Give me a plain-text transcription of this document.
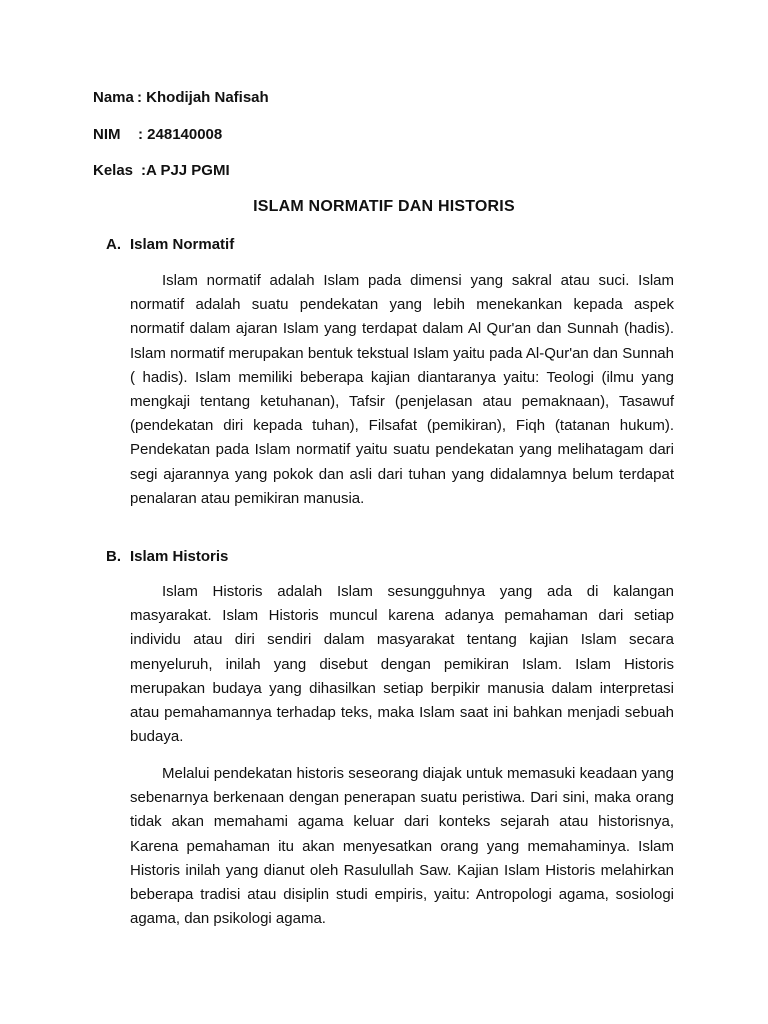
Nama : Khodijah Nafisah
NIM : 248140008
Kelas :A PJJ PGMI
ISLAM NORMATIF DAN HISTORIS
A. Islam Normatif

Islam normatif adalah Islam pada dimensi yang sakral atau suci. Islam normatif adalah suatu pendekatan yang lebih menekankan kepada aspek normatif dalam ajaran Islam yang terdapat dalam Al Qur'an dan Sunnah (hadis). Islam normatif merupakan bentuk tekstual Islam yaitu pada Al-Qur'an dan Sunnah ( hadis). Islam memiliki beberapa kajian diantaranya yaitu: Teologi (ilmu yang mengkaji tentang ketuhanan), Tafsir (penjelasan atau pemaknaan), Tasawuf (pendekatan diri kepada tuhan), Filsafat (pemikiran), Fiqh (tatanan hukum). Pendekatan pada Islam normatif yaitu suatu pendekatan yang melihatagam dari segi ajarannya yang pokok dan asli dari tuhan yang didalamnya belum terdapat penalaran atau pemikiran manusia.

B. Islam Historis

Islam Historis adalah Islam sesungguhnya yang ada di kalangan masyarakat. Islam Historis muncul karena adanya pemahaman dari setiap individu atau diri sendiri dalam masyarakat tentang kajian Islam secara menyeluruh, inilah yang disebut dengan pemikiran Islam. Islam Historis merupakan budaya yang dihasilkan setiap berpikir manusia dalam interpretasi atau pemahamannya terhadap teks, maka Islam saat ini bahkan menjadi sebuah budaya.

Melalui pendekatan historis seseorang diajak untuk memasuki keadaan yang sebenarnya berkenaan dengan penerapan suatu peristiwa. Dari sini, maka orang tidak akan memahami agama keluar dari konteks sejarah atau historisnya, Karena pemahaman itu akan menyesatkan orang yang memahaminya. Islam Historis inilah yang dianut oleh Rasulullah Saw. Kajian Islam Historis melahirkan beberapa tradisi atau disiplin studi empiris, yaitu: Antropologi agama, sosiologi agama, dan psikologi agama.
